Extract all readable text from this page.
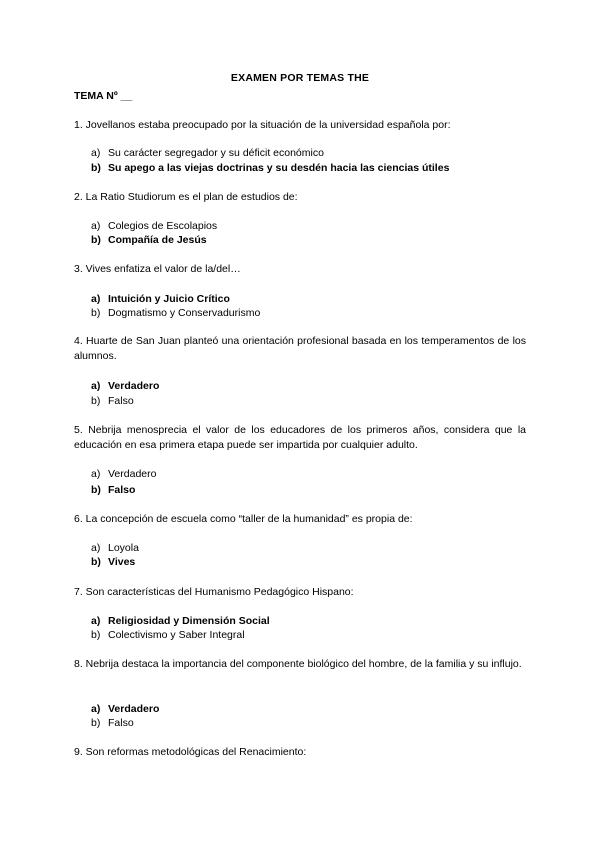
EXAMEN POR TEMAS THE
TEMA Nº __
1. Jovellanos estaba preocupado por la situación de la universidad española por:
a) Su carácter segregador y su déficit económico
b) Su apego a las viejas doctrinas y su desdén hacia las ciencias útiles
2. La Ratio Studiorum es el plan de estudios de:
a) Colegios de Escolapios
b) Compañía de Jesús
3. Vives enfatiza el valor de la/del…
a) Intuición y Juicio Crítico
b) Dogmatismo y Conservadurismo
4. Huarte de San Juan planteó una orientación profesional basada en los temperamentos de los alumnos.
a) Verdadero
b) Falso
5. Nebrija menosprecia el valor de los educadores de los primeros años, considera que la educación en esa primera etapa puede ser impartida por cualquier adulto.
a) Verdadero
b) Falso
6. La concepción de escuela como “taller de la humanidad” es propia de:
a) Loyola
b) Vives
7. Son características del Humanismo Pedagógico Hispano:
a) Religiosidad y Dimensión Social
b) Colectivismo y Saber Integral
8. Nebrija destaca la importancia del componente biológico del hombre, de la familia y su influjo.
a) Verdadero
b) Falso
9. Son reformas metodológicas del Renacimiento:
